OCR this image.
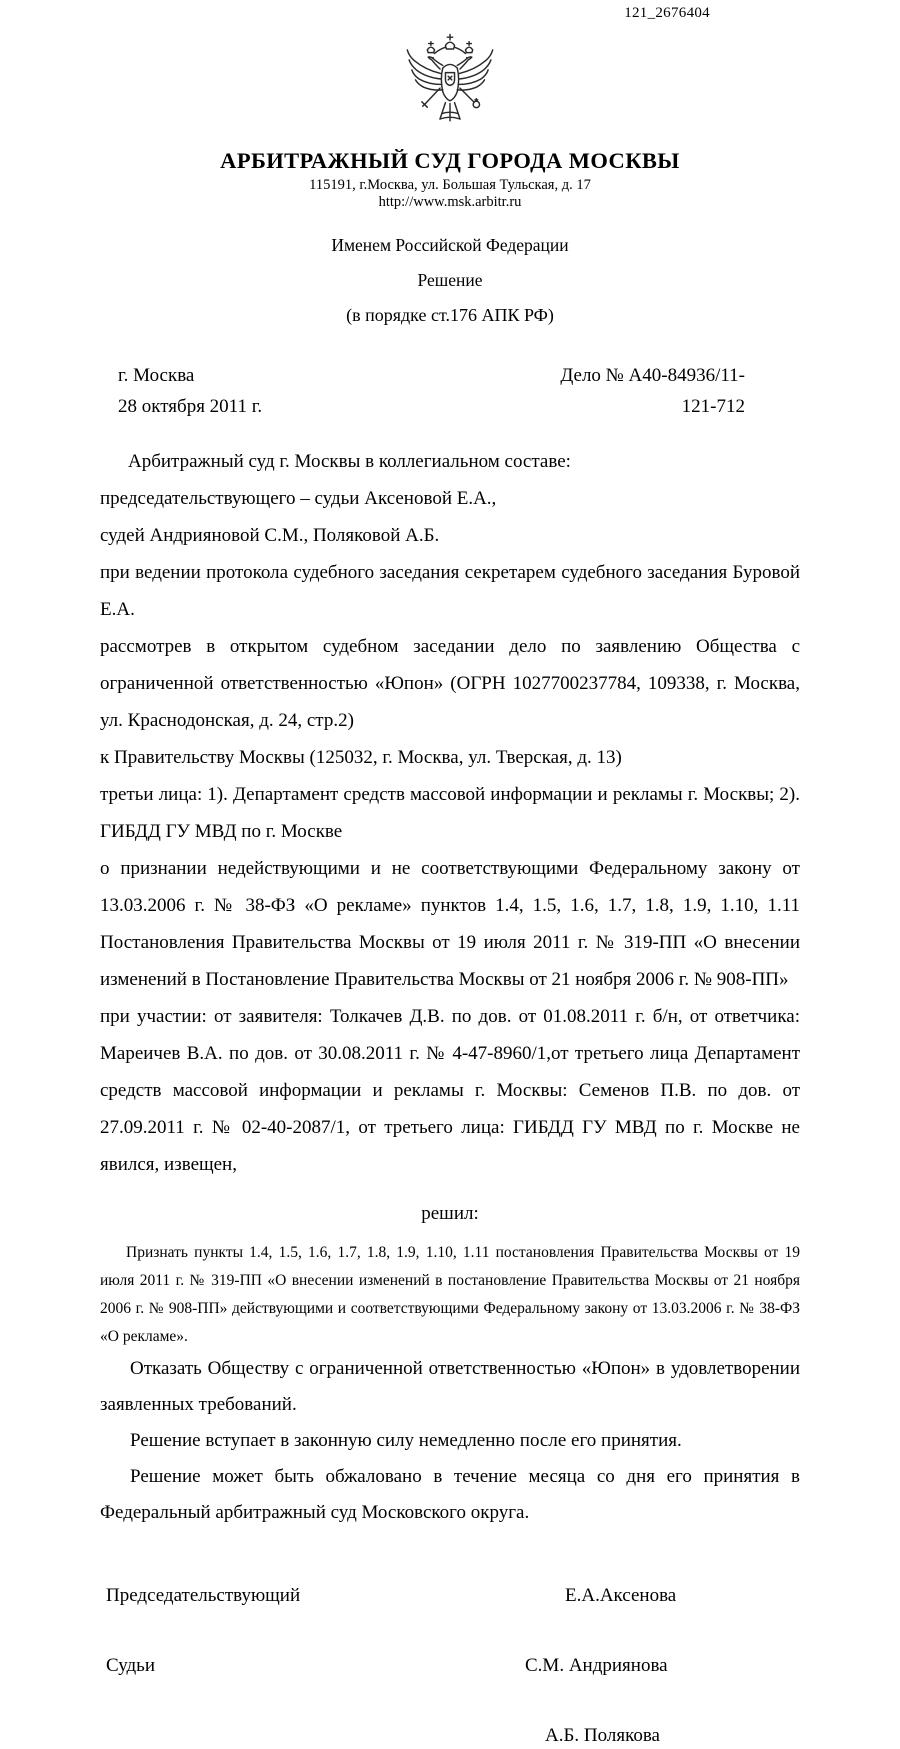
121_2676404
АРБИТРАЖНЫЙ СУД ГОРОДА МОСКВЫ
115191, г.Москва, ул. Большая Тульская, д. 17
http://www.msk.arbitr.ru
Именем Российской Федерации
Решение
(в порядке ст.176 АПК РФ)
г. Москва	Дело № А40-84936/11-
28 октября 2011 г.	121-712

Арбитражный суд г. Москвы в коллегиальном составе:

председательствующего – судьи Аксеновой Е.А.,

судей Андрияновой С.М., Поляковой А.Б.

при ведении протокола судебного заседания секретарем судебного заседания Буровой Е.А.

рассмотрев в открытом судебном заседании дело по заявлению Общества с ограниченной ответственностью «Юпон» (ОГРН 1027700237784, 109338, г. Москва, ул. Краснодонская, д. 24, стр.2)

к Правительству Москвы (125032, г. Москва, ул. Тверская, д. 13)

третьи лица: 1). Департамент средств массовой информации и рекламы г. Москвы; 2). ГИБДД ГУ МВД по г. Москве

о признании недействующими и не соответствующими Федеральному закону от 13.03.2006 г. № 38-ФЗ «О рекламе» пунктов 1.4, 1.5, 1.6, 1.7, 1.8, 1.9, 1.10, 1.11 Постановления Правительства Москвы от 19 июля 2011 г. № 319-ПП «О внесении изменений в Постановление Правительства Москвы от 21 ноября 2006 г. № 908-ПП»

при участии: от заявителя: Толкачев Д.В. по дов. от 01.08.2011 г. б/н, от ответчика: Мареичев В.А. по дов. от 30.08.2011 г. № 4-47-8960/1,от третьего лица Департамент средств массовой информации и рекламы г. Москвы: Семенов П.В. по дов. от 27.09.2011 г. № 02-40-2087/1, от третьего лица: ГИБДД ГУ МВД по г. Москве не явился, извещен,

решил:

Признать пункты 1.4, 1.5, 1.6, 1.7, 1.8, 1.9, 1.10, 1.11 постановления Правительства Москвы от 19 июля 2011 г. № 319-ПП «О внесении изменений в постановление Правительства Москвы от 21 ноября 2006 г. № 908-ПП» действующими и соответствующими Федеральному закону от 13.03.2006 г. № 38-ФЗ «О рекламе».

Отказать Обществу с ограниченной ответственностью «Юпон» в удовлетворении заявленных требований.

Решение вступает в законную силу немедленно после его принятия.

Решение может быть обжаловано в течение месяца со дня его принятия в Федеральный арбитражный суд Московского округа.

Председательствующий	Е.А.Аксенова
Судьи	С.М. Андриянова
А.Б. Полякова
